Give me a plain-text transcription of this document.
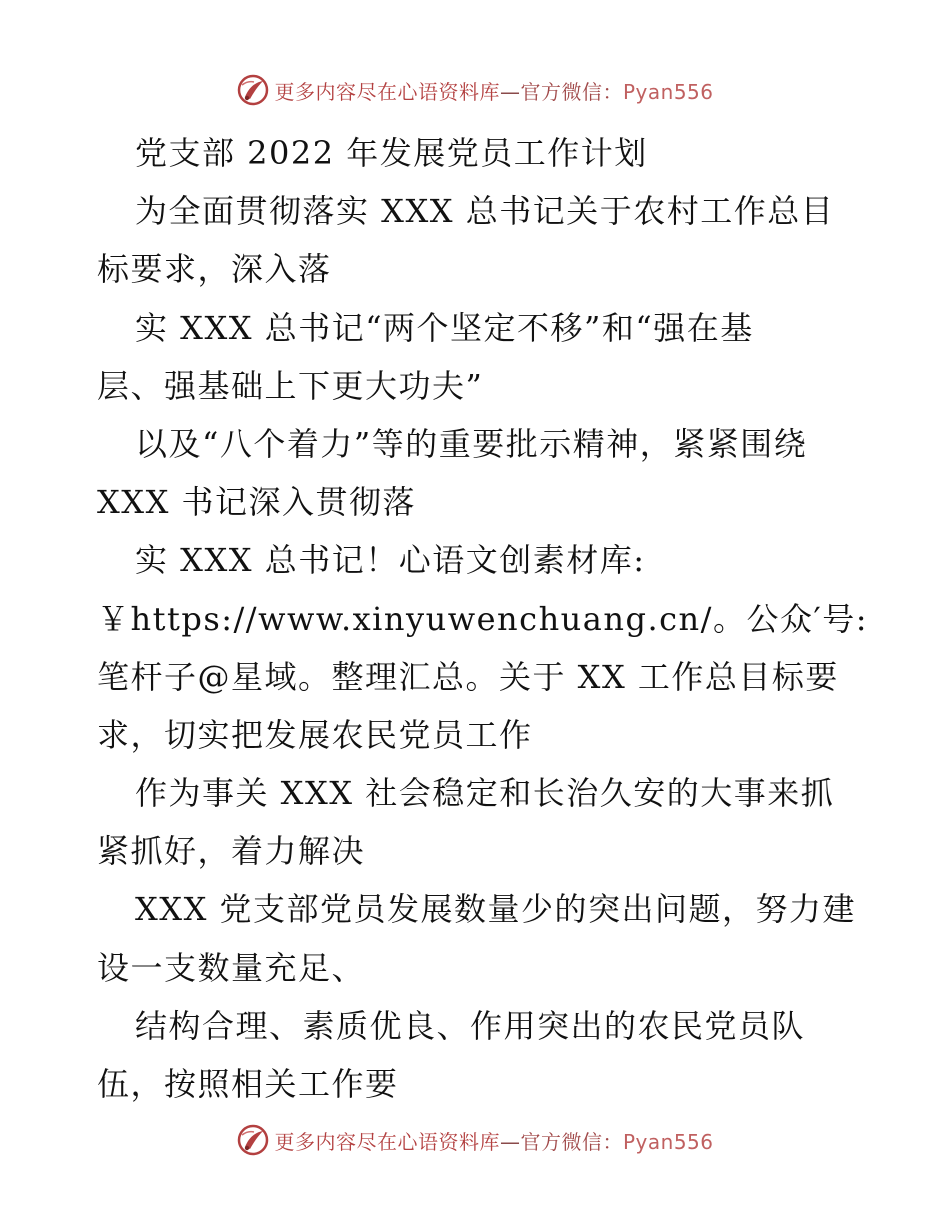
更多内容尽在心语资料库—官方微信：Pyan556
党支部 2022 年发展党员工作计划
为全面贯彻落实 XXX 总书记关于农村工作总目
标要求，深入落
实 XXX 总书记“两个坚定不移”和“强在基
层、强基础上下更大功夫”
以及“八个着力”等的重要批示精神，紧紧围绕
XXX 书记深入贯彻落
实 XXX 总书记！心语文创素材库:
￥https://www.xinyuwenchuang.cn/。公众′号:
笔杆子@星域。整理汇总。关于 XX 工作总目标要
求，切实把发展农民党员工作
作为事关 XXX 社会稳定和长治久安的大事来抓
紧抓好，着力解决
XXX 党支部党员发展数量少的突出问题，努力建
设一支数量充足、
结构合理、素质优良、作用突出的农民党员队
伍，按照相关工作要
更多内容尽在心语资料库—官方微信：Pyan556
